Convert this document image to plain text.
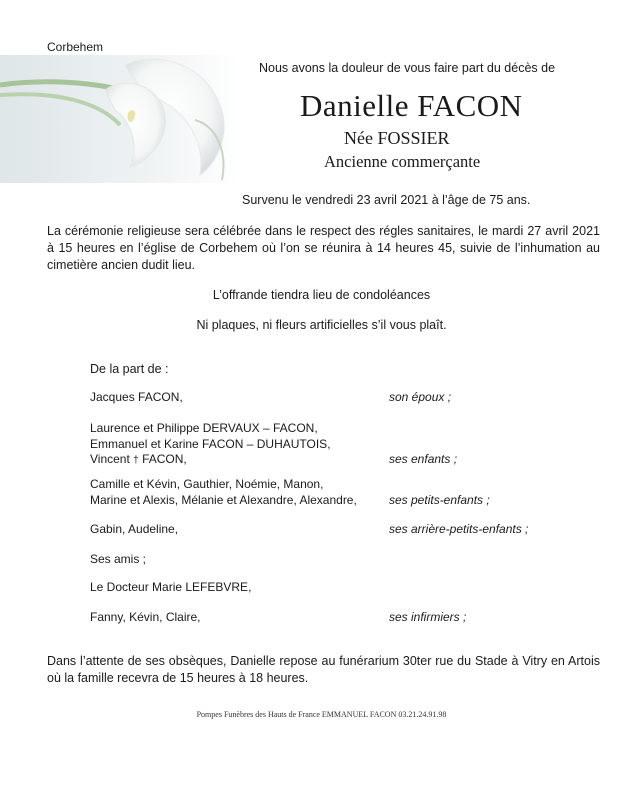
Corbehem
Nous avons la douleur de vous faire part du décès de
Danielle FACON
Née FOSSIER
Ancienne commerçante
Survenu le vendredi 23 avril 2021 à l’âge de 75 ans.
La cérémonie religieuse sera célébrée dans le respect des régles sanitaires, le mardi 27 avril 2021 à 15 heures en l’église de Corbehem où l’on se réunira à 14 heures 45, suivie de l’inhumation au cimetière ancien dudit lieu.
L’offrande tiendra lieu de condoléances
Ni plaques, ni fleurs artificielles s’il vous plaît.
De la part de :
Jacques FACON,	son époux ;
Laurence et Philippe DERVAUX – FACON,
Emmanuel et Karine FACON – DUHAUTOIS,
Vincent † FACON,	ses enfants ;
Camille et Kévin, Gauthier, Noémie, Manon,
Marine et Alexis, Mélanie et Alexandre, Alexandre,	ses petits-enfants ;
Gabin, Audeline,	ses arrière-petits-enfants ;
Ses amis ;
Le Docteur Marie LEFEBVRE,
Fanny, Kévin, Claire,	ses infirmiers ;
Dans l’attente de ses obsèques, Danielle repose au funérarium 30ter rue du Stade à Vitry en Artois où la famille recevra de 15 heures à 18 heures.
Pompes Funèbres des Hauts de France EMMANUEL FACON 03.21.24.91.98
